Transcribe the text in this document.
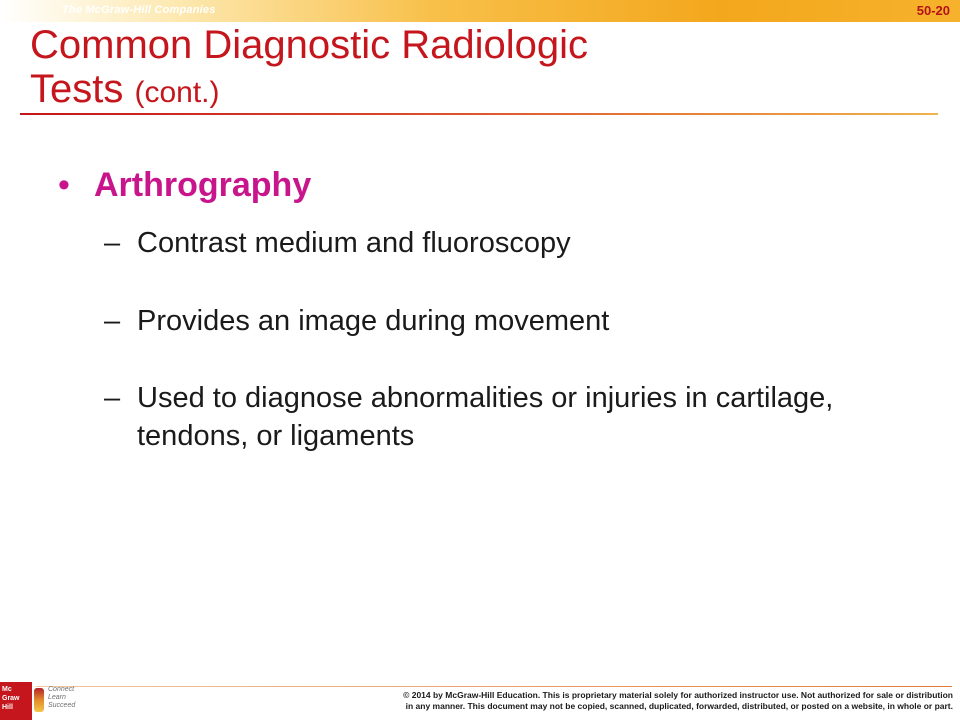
The McGraw-Hill Companies	50-20
Common Diagnostic Radiologic
Tests (cont.)
• Arthrography
– Contrast medium and fluoroscopy
– Provides an image during movement
– Used to diagnose abnormalities or injuries in cartilage, tendons, or ligaments
Mc
Graw
Hill
Connect
Learn
Succeed
© 2014 by McGraw-Hill Education. This is proprietary material solely for authorized instructor use. Not authorized for sale or distribution
in any manner. This document may not be copied, scanned, duplicated, forwarded, distributed, or posted on a website, in whole or part.
